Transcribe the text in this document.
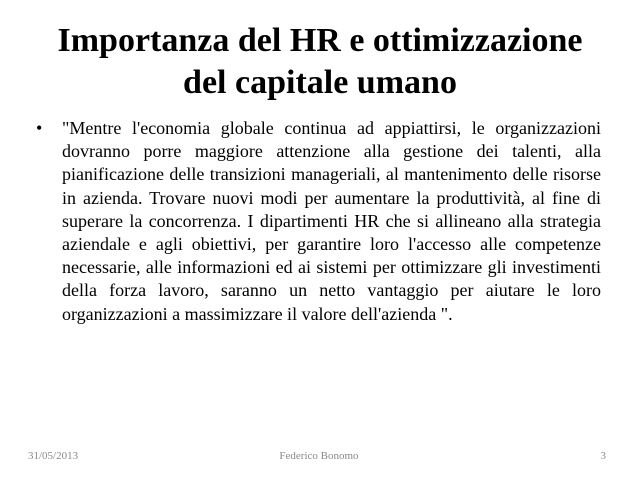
Importanza del HR e ottimizzazione
del capitale umano
•	"Mentre l'economia globale continua ad appiattirsi, le organizzazioni dovranno porre maggiore attenzione alla gestione dei talenti, alla pianificazione delle transizioni manageriali, al mantenimento delle risorse in azienda. Trovare nuovi modi per aumentare la produttività, al fine di superare la concorrenza. I dipartimenti HR che si allineano alla strategia aziendale e agli obiettivi, per garantire loro l'accesso alle competenze necessarie, alle informazioni ed ai sistemi per ottimizzare gli investimenti della forza lavoro, saranno un netto vantaggio per aiutare le loro organizzazioni a massimizzare il valore dell'azienda ".

Federico Bonomo
31/05/2013	3
